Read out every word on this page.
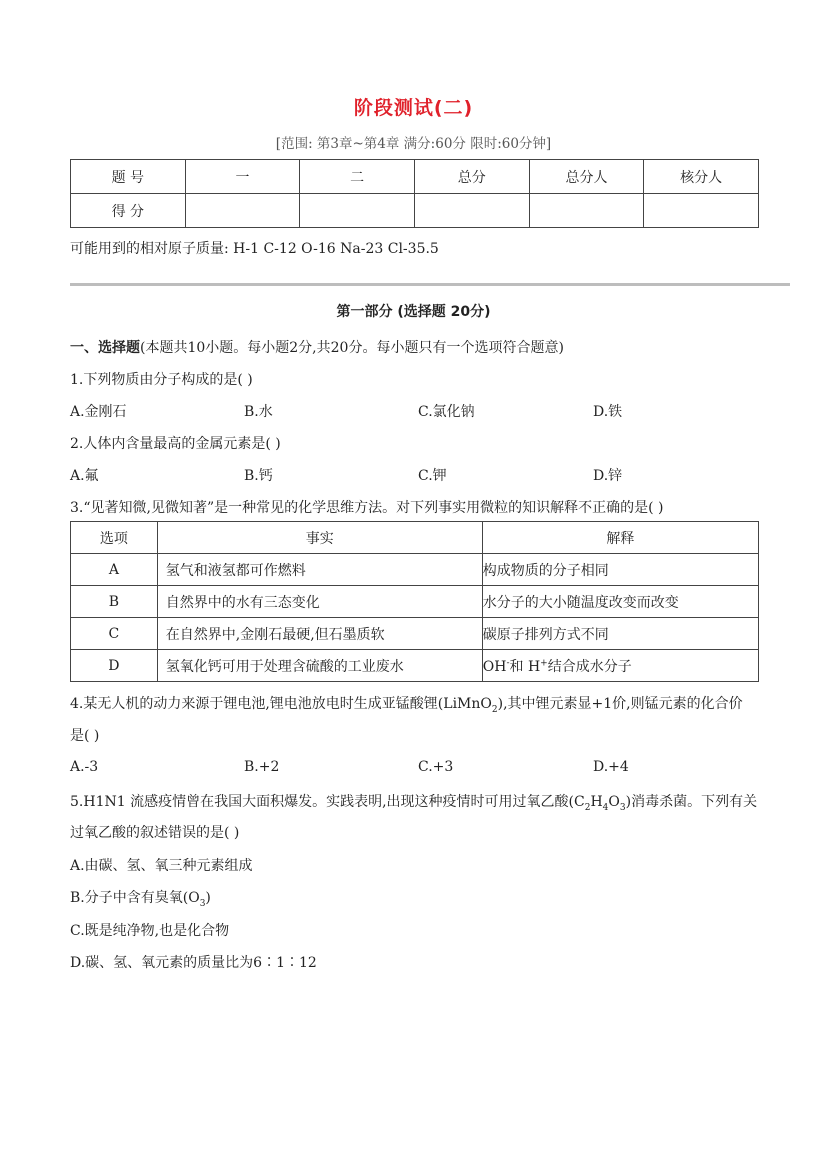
阶段测试(二)
[范围: 第3章~第4章 满分:60分 限时:60分钟]
题 号	一	二	总分	总分人	核分人
得 分					
可能用到的相对原子质量: H-1 C-12 O-16 Na-23 Cl-35.5
第一部分 (选择题 20分)
一、选择题(本题共10小题。每小题2分,共20分。每小题只有一个选项符合题意)
1.下列物质由分子构成的是( )
A.金刚石	B.水	C.氯化钠	D.铁
2.人体内含量最高的金属元素是( )
A.氟	B.钙	C.钾	D.锌
3.“见著知微,见微知著”是一种常见的化学思维方法。对下列事实用微粒的知识解释不正确的是( )
选项	事实	解释
A	氢气和液氢都可作燃料	构成物质的分子相同
B	自然界中的水有三态变化	水分子的大小随温度改变而改变
C	在自然界中,金刚石最硬,但石墨质软	碳原子排列方式不同
D	氢氧化钙可用于处理含硫酸的工业废水	OH-和 H+结合成水分子
4.某无人机的动力来源于锂电池,锂电池放电时生成亚锰酸锂(LiMnO$_2$),其中锂元素显+1价,则锰元素的化合价
是( )
A.-3	B.+2	C.+3	D.+4
5.H1N1 流感疫情曾在我国大面积爆发。实践表明,出现这种疫情时可用过氧乙酸$(C_2H_4O_3)$消毒杀菌。下列有关
过氧乙酸的叙述错误的是( )
A.由碳、氢、氧三种元素组成
B.分子中含有臭氧$(O_3)$
C.既是纯净物,也是化合物
D.碳、氢、氧元素的质量比为6∶1∶12
